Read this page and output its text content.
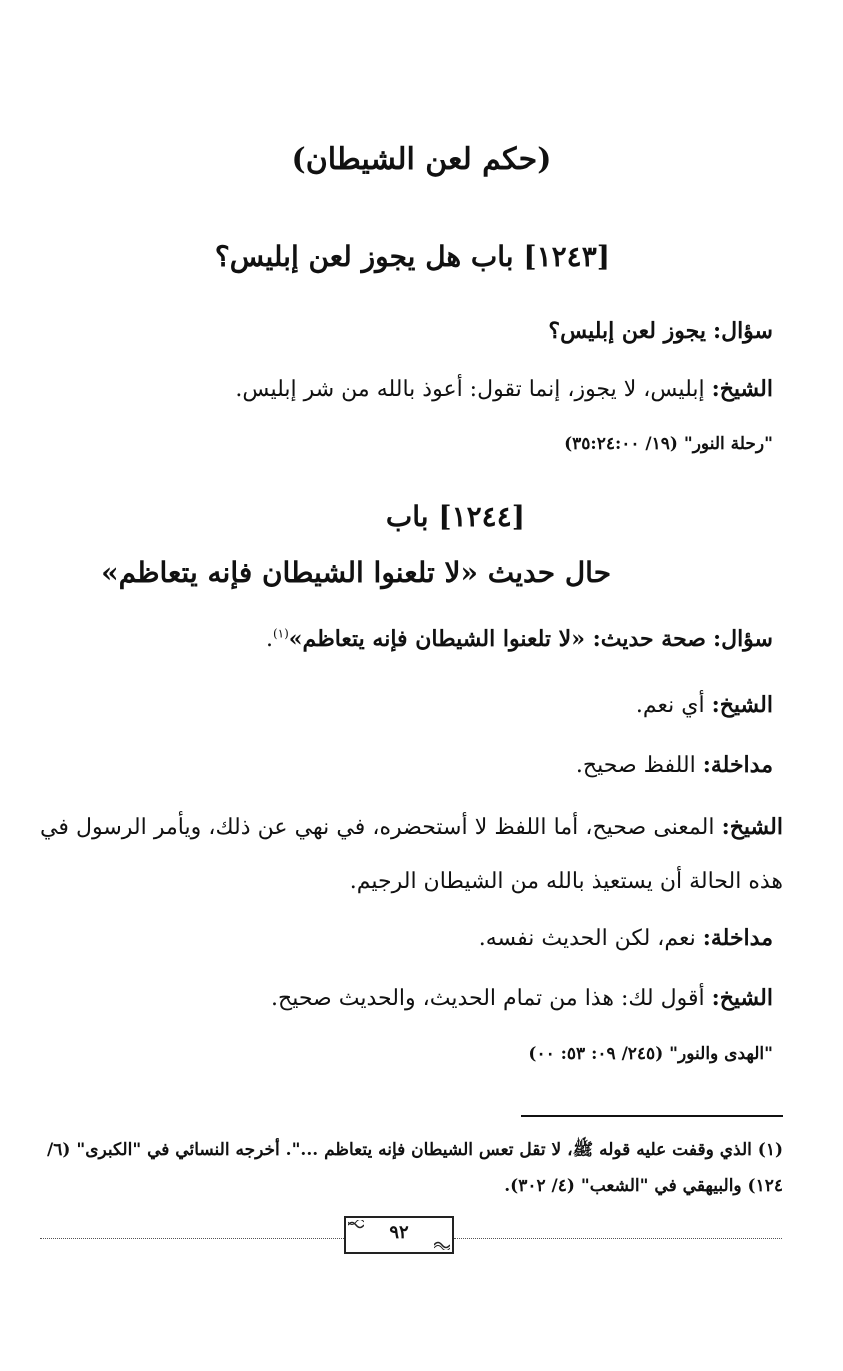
(حكم لعن الشيطان)
[١٢٤٣] باب هل يجوز لعن إبليس؟
سؤال: يجوز لعن إبليس؟
الشيخ: إبليس، لا يجوز، إنما تقول: أعوذ بالله من شر إبليس.
"رحلة النور" (١٩/ ٣٥:٢٤:٠٠)
[١٢٤٤] باب
حال حديث «لا تلعنوا الشيطان فإنه يتعاظم»
سؤال: صحة حديث: «لا تلعنوا الشيطان فإنه يتعاظم»$^{(١)}$.
الشيخ: أي نعم.
مداخلة: اللفظ صحيح.
الشيخ: المعنى صحيح، أما اللفظ لا أستحضره، في نهي عن ذلك، ويأمر الرسول في هذه الحالة أن يستعيذ بالله من الشيطان الرجيم.
مداخلة: نعم، لكن الحديث نفسه.
الشيخ: أقول لك: هذا من تمام الحديث، والحديث صحيح.
"الهدى والنور" (٢٤٥/ ٠٩: ٥٣: ٠٠)
(١) الذي وقفت عليه قوله ﷺ، لا تقل تعس الشيطان فإنه يتعاظم ...". أخرجه النسائي في "الكبرى" (٦/ ١٢٤) والبيهقي في "الشعب" (٤/ ٣٠٢).
٩٢
